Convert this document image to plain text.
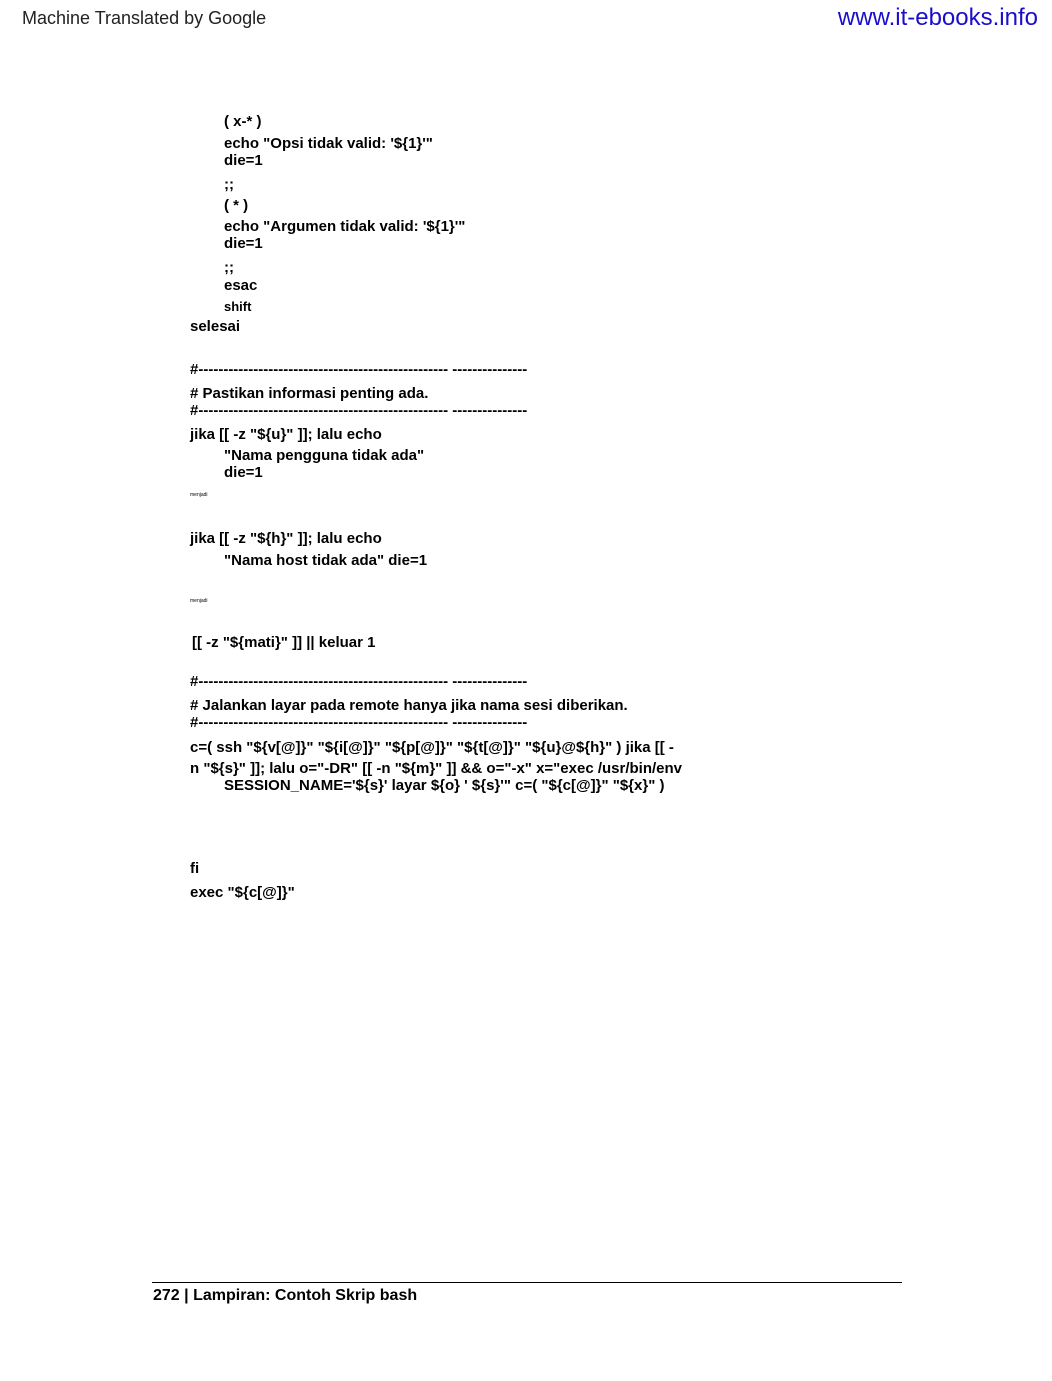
Machine Translated by Google	www.it-ebooks.info
( x-* )
echo "Opsi tidak valid: '${1}'"
die=1
;;
( * )
echo "Argumen tidak valid: '${1}'"
die=1
;;
esac
shift
selesai
#-------------------------------------------------- ---------------
# Pastikan informasi penting ada.
#-------------------------------------------------- ---------------
jika [[ -z "${u}" ]]; lalu echo
"Nama pengguna tidak ada"
die=1
menjadi
jika [[ -z "${h}" ]]; lalu echo
"Nama host tidak ada" die=1
menjadi
[[ -z "${mati}" ]] || keluar 1
#-------------------------------------------------- ---------------
# Jalankan layar pada remote hanya jika nama sesi diberikan.
#-------------------------------------------------- ---------------
c=( ssh "${v[@]}" "${i[@]}" "${p[@]}" "${t[@]}" "${u}@${h}" ) jika [[ -
n "${s}" ]]; lalu o="-DR" [[ -n "${m}" ]] && o="-x" x="exec /usr/bin/env
SESSION_NAME='${s}' layar ${o} ' ${s}'" c=( "${c[@]}" "${x}" )
fi
exec "${c[@]}"
272 | Lampiran: Contoh Skrip bash
